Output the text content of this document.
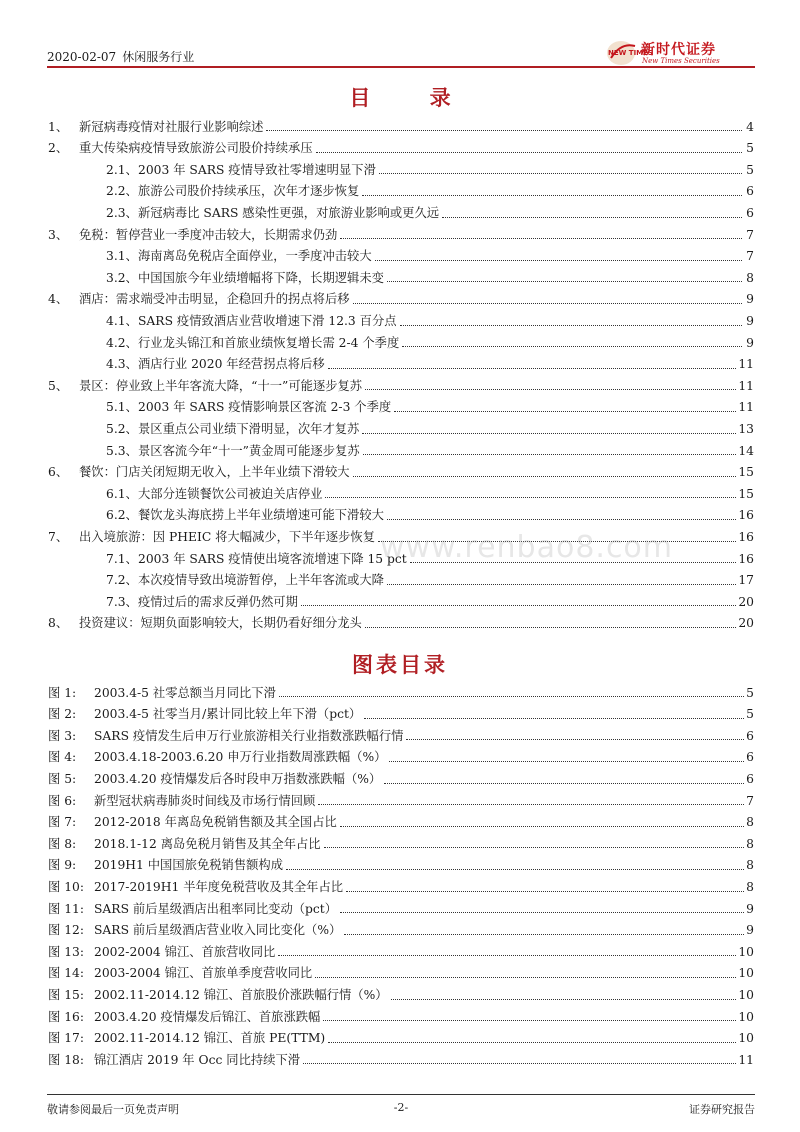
2020-02-07 休闲服务行业	NEW TIMES
新时代证券
New Times Securities
目 录
1、 新冠病毒疫情对社服行业影响综述	4
2、 重大传染病疫情导致旅游公司股价持续承压	5
2.1、 2003 年 SARS 疫情导致社零增速明显下滑	5
2.2、 旅游公司股价持续承压，次年才逐步恢复	6
2.3、 新冠病毒比 SARS 感染性更强，对旅游业影响或更久远	6
3、 免税：暂停营业一季度冲击较大，长期需求仍劲	7
3.1、 海南离岛免税店全面停业，一季度冲击较大	7
3.2、 中国国旅今年业绩增幅将下降，长期逻辑未变	8
4、 酒店：需求端受冲击明显，企稳回升的拐点将后移	9
4.1、 SARS 疫情致酒店业营收增速下滑 12.3 百分点	9
4.2、 行业龙头锦江和首旅业绩恢复增长需 2-4 个季度	9
4.3、 酒店行业 2020 年经营拐点将后移	11
5、 景区：停业致上半年客流大降，“十一”可能逐步复苏	11
5.1、 2003 年 SARS 疫情影响景区客流 2-3 个季度	11
5.2、 景区重点公司业绩下滑明显，次年才复苏	13
5.3、 景区客流今年“十一”黄金周可能逐步复苏	14
6、 餐饮：门店关闭短期无收入，上半年业绩下滑较大	15
6.1、 大部分连锁餐饮公司被迫关店停业	15
6.2、 餐饮龙头海底捞上半年业绩增速可能下滑较大	16
7、 出入境旅游：因 PHEIC 将大幅减少，下半年逐步恢复	16
7.1、 2003 年 SARS 疫情使出境客流增速下降 15 pct	16
7.2、 本次疫情导致出境游暂停，上半年客流或大降	17
7.3、 疫情过后的需求反弹仍然可期	20
8、 投资建议：短期负面影响较大，长期仍看好细分龙头	20
www.renbao8.com
图表目录
图 1:	2003.4-5 社零总额当月同比下滑	5
图 2:	2003.4-5 社零当月/累计同比较上年下滑（pct）	5
图 3:	SARS 疫情发生后申万行业旅游相关行业指数涨跌幅行情	6
图 4:	2003.4.18-2003.6.20 申万行业指数周涨跌幅（%）	6
图 5:	2003.4.20 疫情爆发后各时段申万指数涨跌幅（%）	6
图 6:	新型冠状病毒肺炎时间线及市场行情回顾	7
图 7:	2012-2018 年离岛免税销售额及其全国占比	8
图 8:	2018.1-12 离岛免税月销售及其全年占比	8
图 9:	2019H1 中国国旅免税销售额构成	8
图 10: 2017-2019H1 半年度免税营收及其全年占比	8
图 11: SARS 前后星级酒店出租率同比变动（pct）	9
图 12: SARS 前后星级酒店营业收入同比变化（%）	9
图 13: 2002-2004 锦江、首旅营收同比	10
图 14: 2003-2004 锦江、首旅单季度营收同比	10
图 15: 2002.11-2014.12 锦江、首旅股价涨跌幅行情（%）	10
图 16: 2003.4.20 疫情爆发后锦江、首旅涨跌幅	10
图 17: 2002.11-2014.12 锦江、首旅 PE(TTM)	10
图 18: 锦江酒店 2019 年 Occ 同比持续下滑	11
敬请参阅最后一页免责声明	-2-	证券研究报告
